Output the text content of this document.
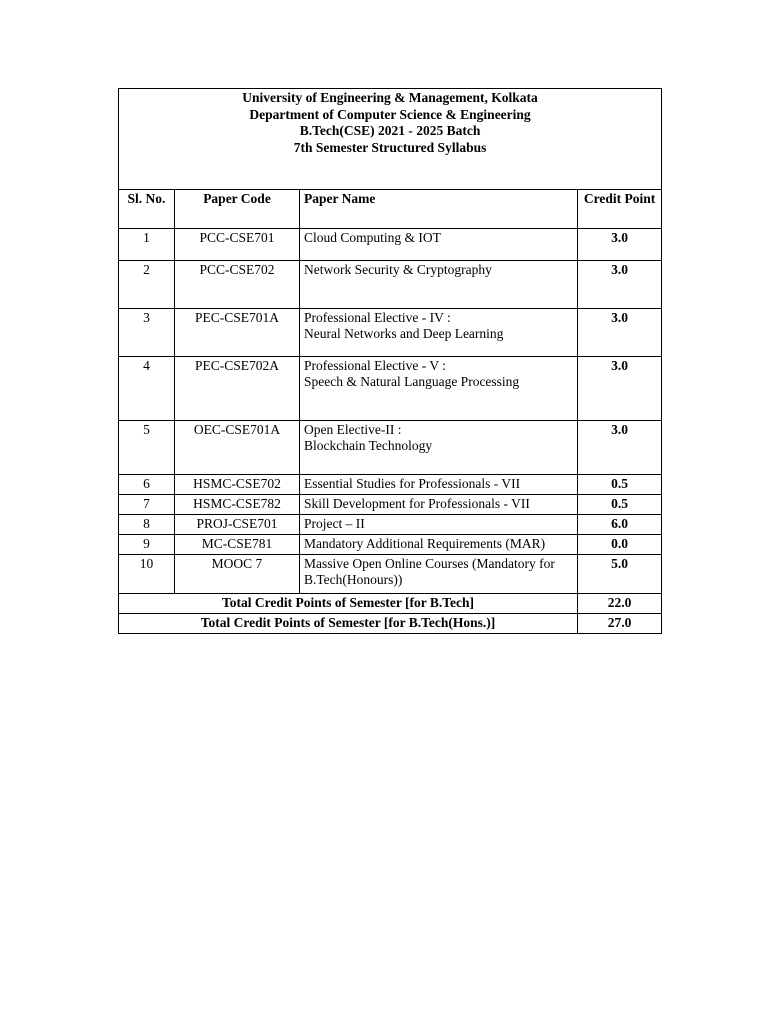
University of Engineering & Management, Kolkata
Department of Computer Science & Engineering
B.Tech(CSE) 2021 - 2025 Batch
7th Semester Structured Syllabus			

Sl. No.	Paper Code	Paper Name	Credit Point
1	PCC-CSE701	Cloud Computing & IOT	3.0
2	PCC-CSE702	Network Security & Cryptography	3.0
3	PEC-CSE701A	Professional Elective - IV :
Neural Networks and Deep Learning	3.0
4	PEC-CSE702A	Professional Elective - V :
Speech & Natural Language Processing	3.0
5	OEC-CSE701A	Open Elective-II :
Blockchain Technology	3.0
6	HSMC-CSE702	Essential Studies for Professionals - VII	0.5
7	HSMC-CSE782	Skill Development for Professionals - VII	0.5
8	PROJ-CSE701	Project – II	6.0
9	MC-CSE781	Mandatory Additional Requirements (MAR)	0.0
10	MOOC 7	Massive Open Online Courses (Mandatory for
B.Tech(Honours))	5.0
Total Credit Points of Semester [for B.Tech]			22.0
Total Credit Points of Semester [for B.Tech(Hons.)]			27.0
